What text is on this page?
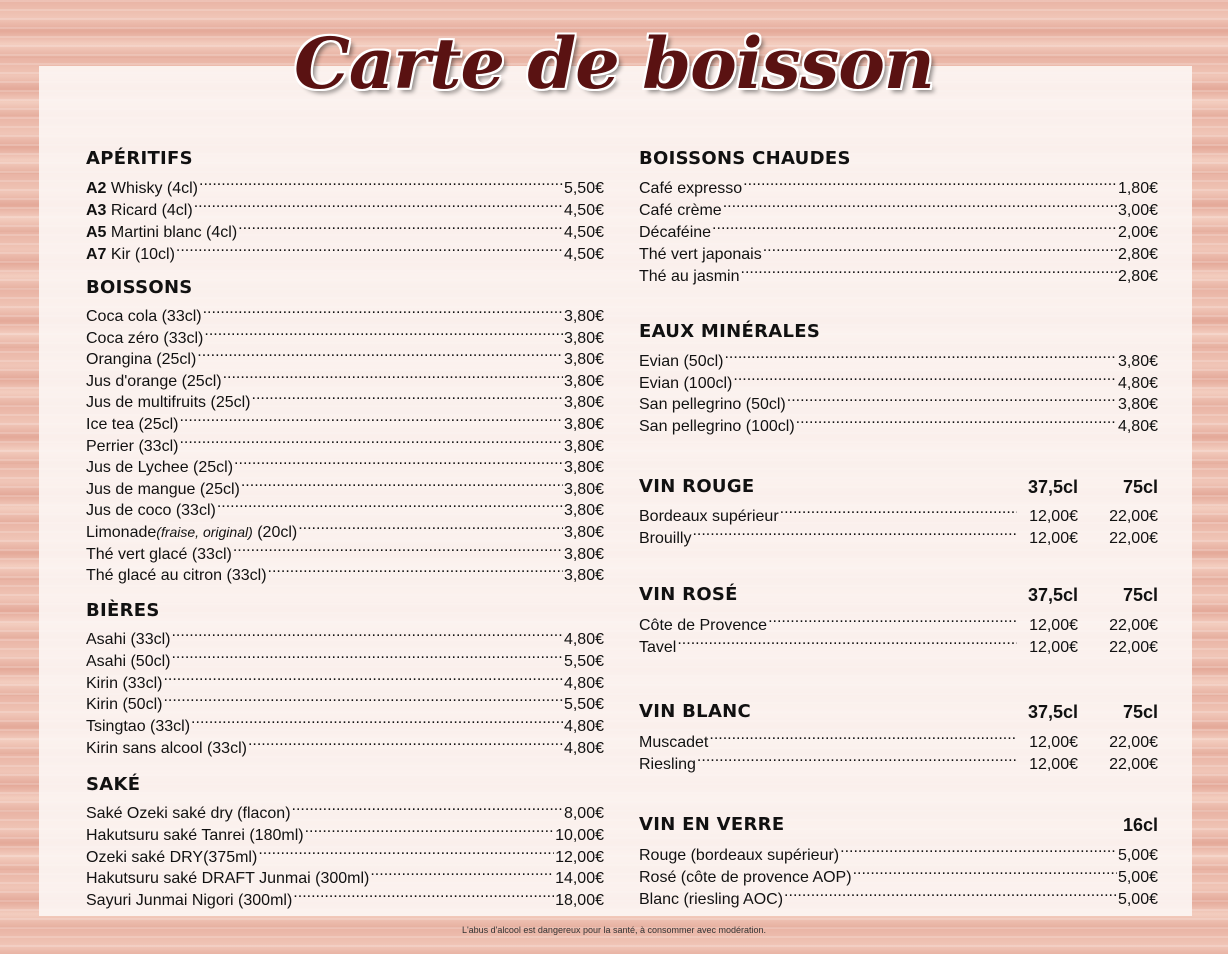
Carte de boisson
APÉRITIFS
BOISSONS
BIÈRES
SAKÉ
BOISSONS CHAUDES
EAUX MINÉRALES
VIN ROUGE	37,5cl	75cl
VIN ROSÉ	37,5cl	75cl
VIN BLANC	37,5cl	75cl
VIN EN VERRE	16cl
L'abus d'alcool est dangereux pour la santé, à consommer avec modération.
A2 Whisky (4cl) .....	5,50€
A3 Ricard (4cl) .....	4,50€
A5 Martini blanc (4cl) .....	4,50€
A7 Kir (10cl) .....	4,50€
Coca cola (33cl) .....	3,80€
Coca zéro (33cl) .....	3,80€
Orangina (25cl) .....	3,80€
Jus d'orange (25cl) .....	3,80€
Jus de multifruits (25cl) .....	3,80€
Ice tea (25cl) .....	3,80€
Perrier (33cl) .....	3,80€
Jus de Lychee (25cl) .....	3,80€
Jus de mangue (25cl) .....	3,80€
Jus de coco (33cl) .....	3,80€
Limonade(fraise, original) (20cl) .....	3,80€
Thé vert glacé (33cl) .....	3,80€
Thé glacé au citron (33cl) .....	3,80€
Asahi (33cl) .....	4,80€
Asahi (50cl) .....	5,50€
Kirin (33cl) .....	4,80€
Kirin (50cl) .....	5,50€
Tsingtao (33cl) .....	4,80€
Kirin sans alcool (33cl) .....	4,80€
Saké Ozeki saké dry (flacon) .....	8,00€
Hakutsuru saké Tanrei (180ml) .....	10,00€
Ozeki saké DRY(375ml) .....	12,00€
Hakutsuru saké DRAFT Junmai (300ml) .....	14,00€
Sayuri Junmai Nigori (300ml) .....	18,00€
Café expresso .....	1,80€
Café crème .....	3,00€
Décaféine .....	2,00€
Thé vert japonais .....	2,80€
Thé au jasmin .....	2,80€
Evian (50cl) .....	3,80€
Evian (100cl) .....	4,80€
San pellegrino (50cl) .....	3,80€
San pellegrino (100cl) .....	4,80€
Bordeaux supérieur .....	12,00€	22,00€
Brouilly .....	12,00€	22,00€
Côte de Provence .....	12,00€	22,00€
Tavel .....	12,00€	22,00€
Muscadet .....	12,00€	22,00€
Riesling .....	12,00€	22,00€
Rouge (bordeaux supérieur) .....	5,00€
Rosé (côte de provence AOP) .....	5,00€
Blanc (riesling AOC) .....	5,00€
